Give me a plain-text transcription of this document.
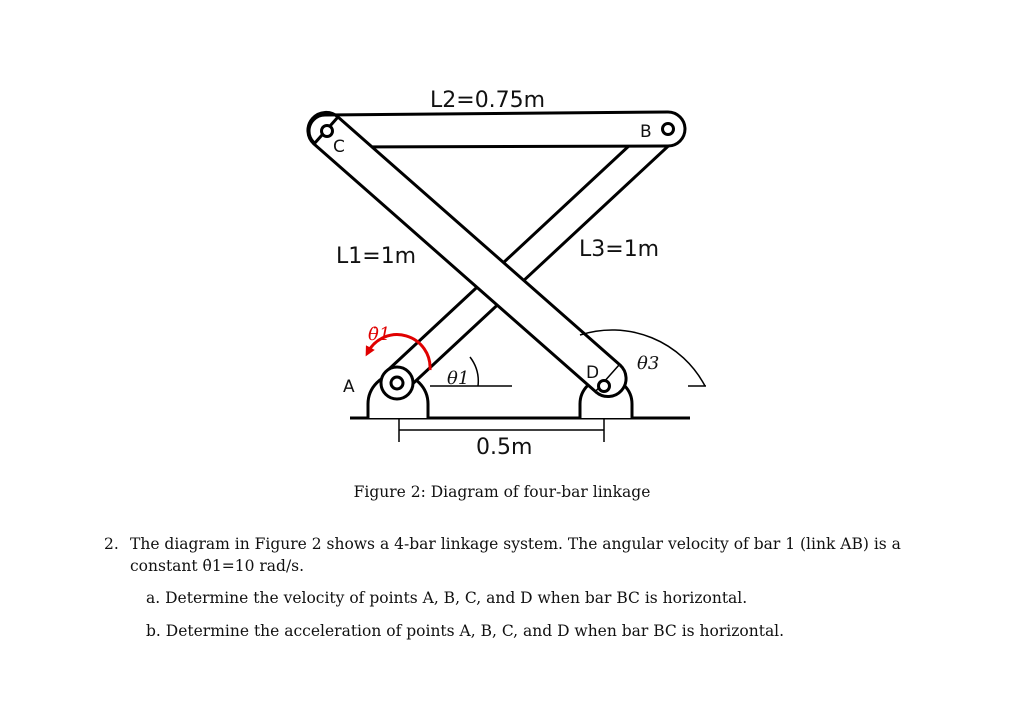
θ1
θ3
θ̇1
0.5m
L2=0.75m
L1=1m	L3=1m
A
B
C
D
Figure 2: Diagram of four-bar linkage
2. The diagram in Figure 2 shows a 4-bar linkage system. The angular velocity of bar 1 (link AB) is a constant θ̇1=10 rad/s.
a. Determine the velocity of points A, B, C, and D when bar BC is horizontal.
b. Determine the acceleration of points A, B, C, and D when bar BC is horizontal.
